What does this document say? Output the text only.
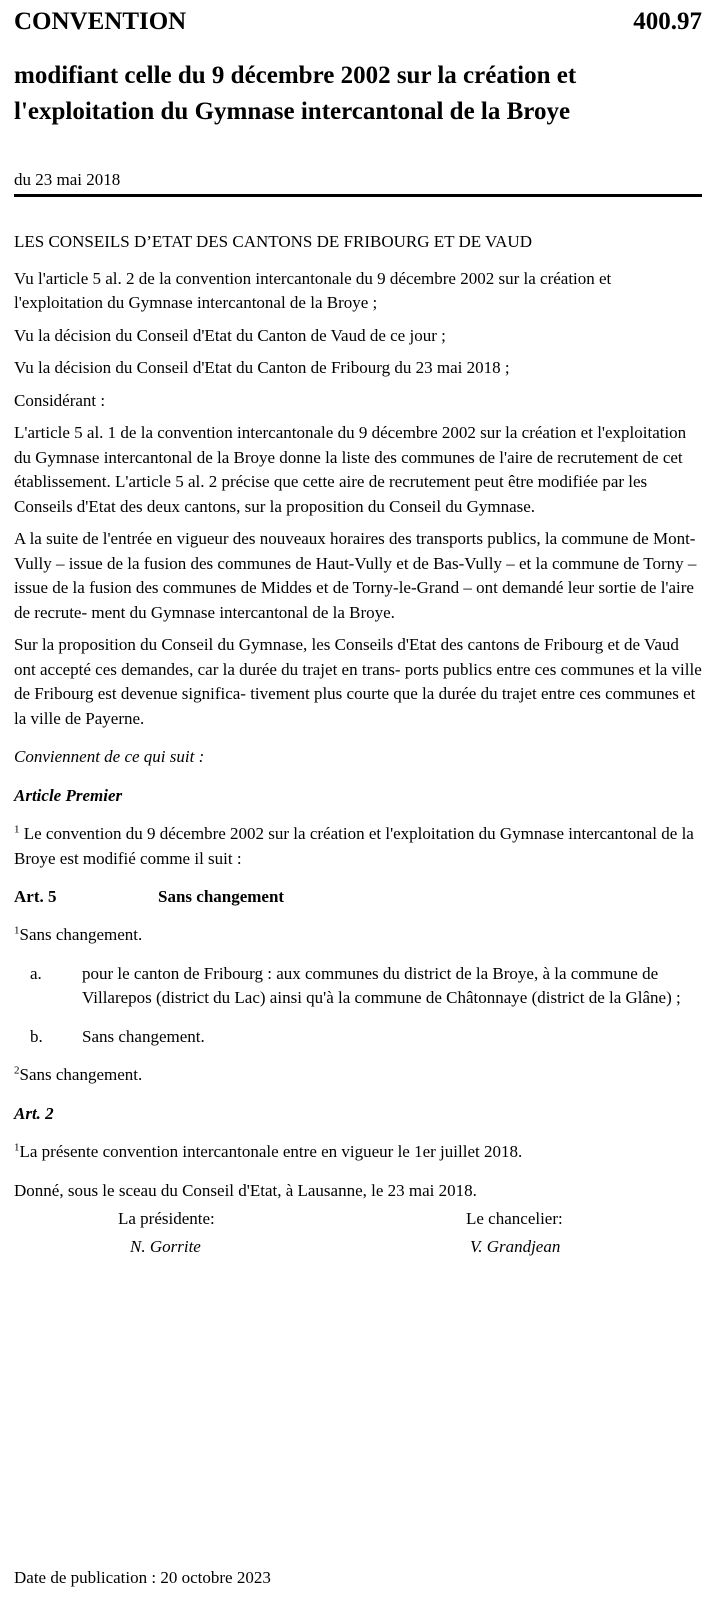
CONVENTION	400.97
modifiant celle du 9 décembre 2002 sur la création et
l'exploitation du Gymnase intercantonal de la Broye
du 23 mai 2018

LES CONSEILS D’ETAT DES CANTONS DE FRIBOURG ET DE VAUD

Vu l'article 5 al. 2 de la convention intercantonale du 9 décembre 2002 sur la création et l'exploitation du Gymnase intercantonal de la Broye ;

Vu la décision du Conseil d'Etat du Canton de Vaud de ce jour ;

Vu la décision du Conseil d'Etat du Canton de Fribourg du 23 mai 2018 ;

Considérant :

L'article 5 al. 1 de la convention intercantonale du 9 décembre 2002 sur la création et l'exploitation du Gymnase intercantonal de la Broye donne la liste des communes de l'aire de recrutement de cet établissement. L'article 5 al. 2 précise que cette aire de recrutement peut être modifiée par les Conseils d'Etat des deux cantons, sur la proposition du Conseil du Gymnase.

A la suite de l'entrée en vigueur des nouveaux horaires des transports publics, la commune de Mont-Vully – issue de la fusion des communes de Haut-Vully et de Bas-Vully – et la commune de Torny – issue de la fusion des communes de Middes et de Torny-le-Grand – ont demandé leur sortie de l'aire de recrute- ment du Gymnase intercantonal de la Broye.

Sur la proposition du Conseil du Gymnase, les Conseils d'Etat des cantons de Fribourg et de Vaud ont accepté ces demandes, car la durée du trajet en trans- ports publics entre ces communes et la ville de Fribourg est devenue significa- tivement plus courte que la durée du trajet entre ces communes et la ville de Payerne.

Conviennent de ce qui suit :

Article Premier

$^1$ Le convention du 9 décembre 2002 sur la création et l'exploitation du Gymnase intercantonal de la Broye est modifié comme il suit :

Art. 5	Sans changement

$^1$Sans changement.

a. pour le canton de Fribourg : aux communes du district de la Broye, à la commune de Villarepos (district du Lac) ainsi qu'à la commune de Châtonnaye (district de la Glâne) ;
b. Sans changement.

$^2$Sans changement.

Art. 2

$^1$La présente convention intercantonale entre en vigueur le 1er juillet 2018.

Donné, sous le sceau du Conseil d'Etat, à Lausanne, le 23 mai 2018.

La présidente:	Le chancelier:
N. Gorrite	V. Grandjean
Date de publication : 20 octobre 2023
